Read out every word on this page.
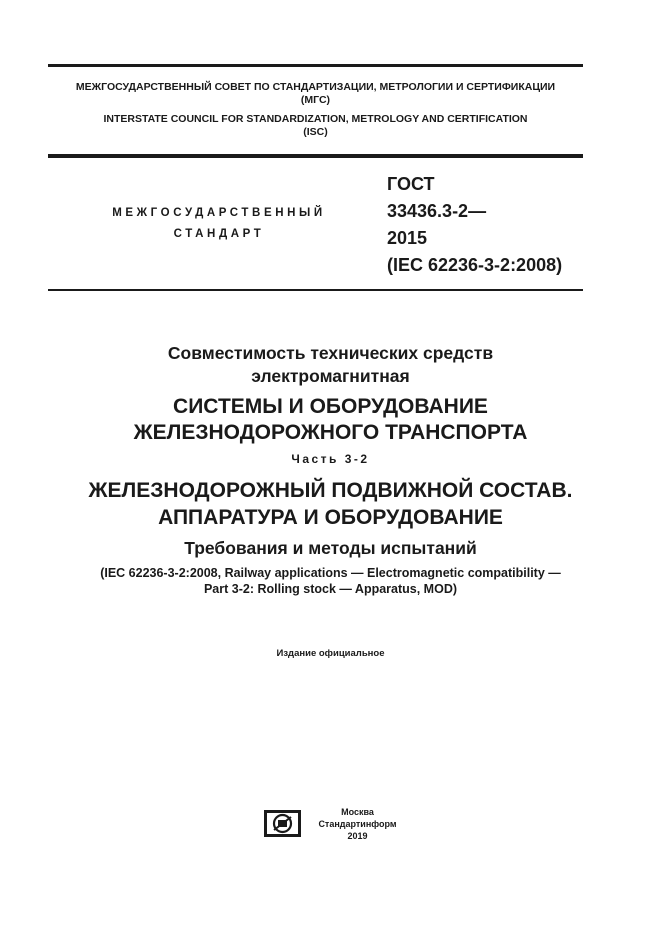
МЕЖГОСУДАРСТВЕННЫЙ СОВЕТ ПО СТАНДАРТИЗАЦИИ, МЕТРОЛОГИИ И СЕРТИФИКАЦИИ
(МГС)
INTERSTATE COUNCIL FOR STANDARDIZATION, METROLOGY AND CERTIFICATION
(ISC)
МЕЖГОСУДАРСТВЕННЫЙ
СТАНДАРТ
ГОСТ
33436.3-2—
2015
(IEC 62236-3-2:2008)
Совместимость технических средств
электромагнитная
СИСТЕМЫ И ОБОРУДОВАНИЕ
ЖЕЛЕЗНОДОРОЖНОГО ТРАНСПОРТА
Часть 3-2
ЖЕЛЕЗНОДОРОЖНЫЙ ПОДВИЖНОЙ СОСТАВ.
АППАРАТУРА И ОБОРУДОВАНИЕ
Требования и методы испытаний
(IEC 62236-3-2:2008, Railway applications — Electromagnetic compatibility —
Part 3-2: Rolling stock — Apparatus, MOD)
Издание официальное
Москва
Стандартинформ
2019
